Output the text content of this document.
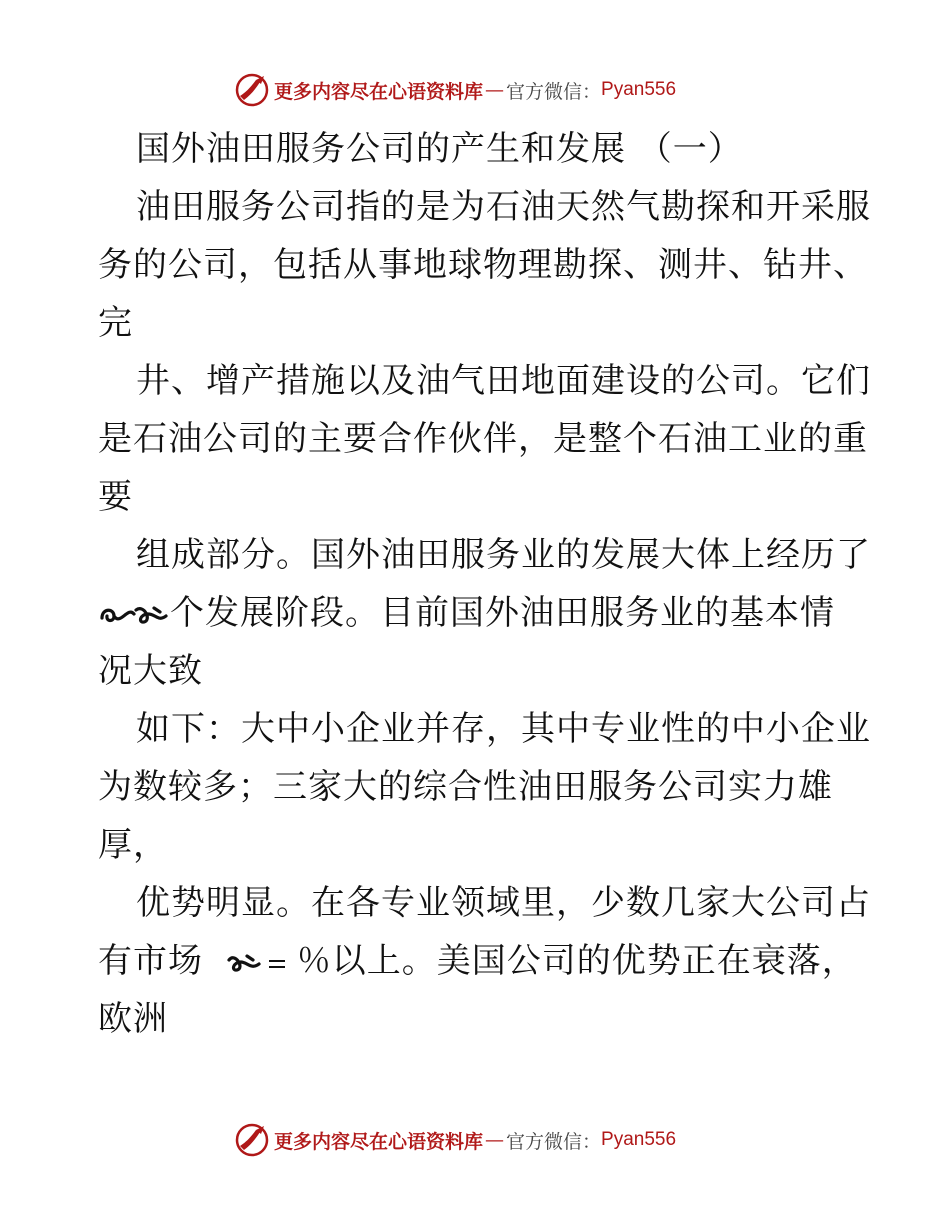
更多内容尽在心语资料库 — 官方微信： Pyan556
国外油田服务公司的产生和发展 （一）
油田服务公司指的是为石油天然气勘探和开采服
务的公司，包括从事地球物理勘探、测井、钻井、
完
井、增产措施以及油气田地面建设的公司。它们
是石油公司的主要合作伙伴，是整个石油工业的重
要
组成部分。国外油田服务业的发展大体上经历了
个发展阶段。目前国外油田服务业的基本情
况大致
如下：大中小企业并存，其中专业性的中小企业
为数较多；三家大的综合性油田服务公司实力雄
厚，
优势明显。在各专业领域里，少数几家大公司占
有市场	％以上。美国公司的优势正在衰落，
欧洲
更多内容尽在心语资料库 — 官方微信： Pyan556
